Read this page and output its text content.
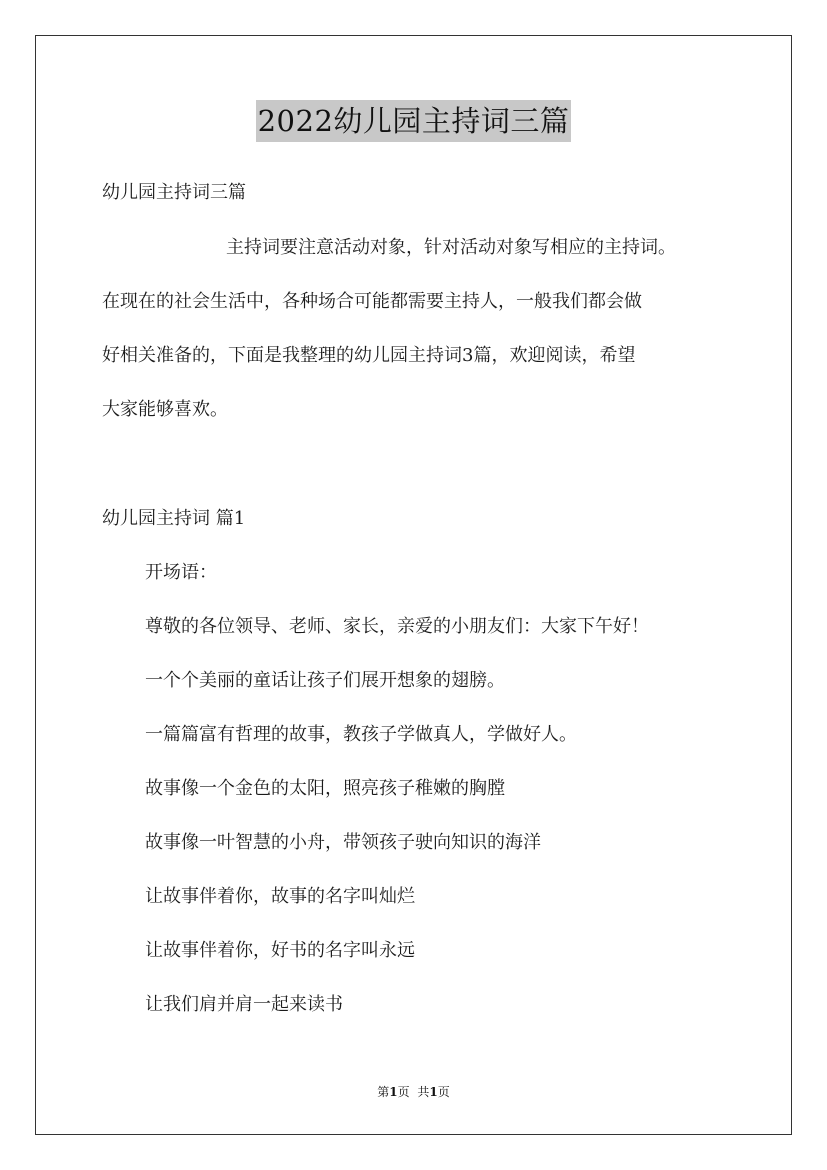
2022幼儿园主持词三篇
幼儿园主持词三篇
主持词要注意活动对象，针对活动对象写相应的主持词。
在现在的社会生活中，各种场合可能都需要主持人，一般我们都会做
好相关准备的，下面是我整理的幼儿园主持词3篇，欢迎阅读，希望
大家能够喜欢。
幼儿园主持词 篇1
开场语：
尊敬的各位领导、老师、家长，亲爱的小朋友们：大家下午好！
一个个美丽的童话让孩子们展开想象的翅膀。
一篇篇富有哲理的故事，教孩子学做真人，学做好人。
故事像一个金色的太阳，照亮孩子稚嫩的胸膛
故事像一叶智慧的小舟，带领孩子驶向知识的海洋
让故事伴着你，故事的名字叫灿烂
让故事伴着你，好书的名字叫永远
让我们肩并肩一起来读书
第1页 共1页
